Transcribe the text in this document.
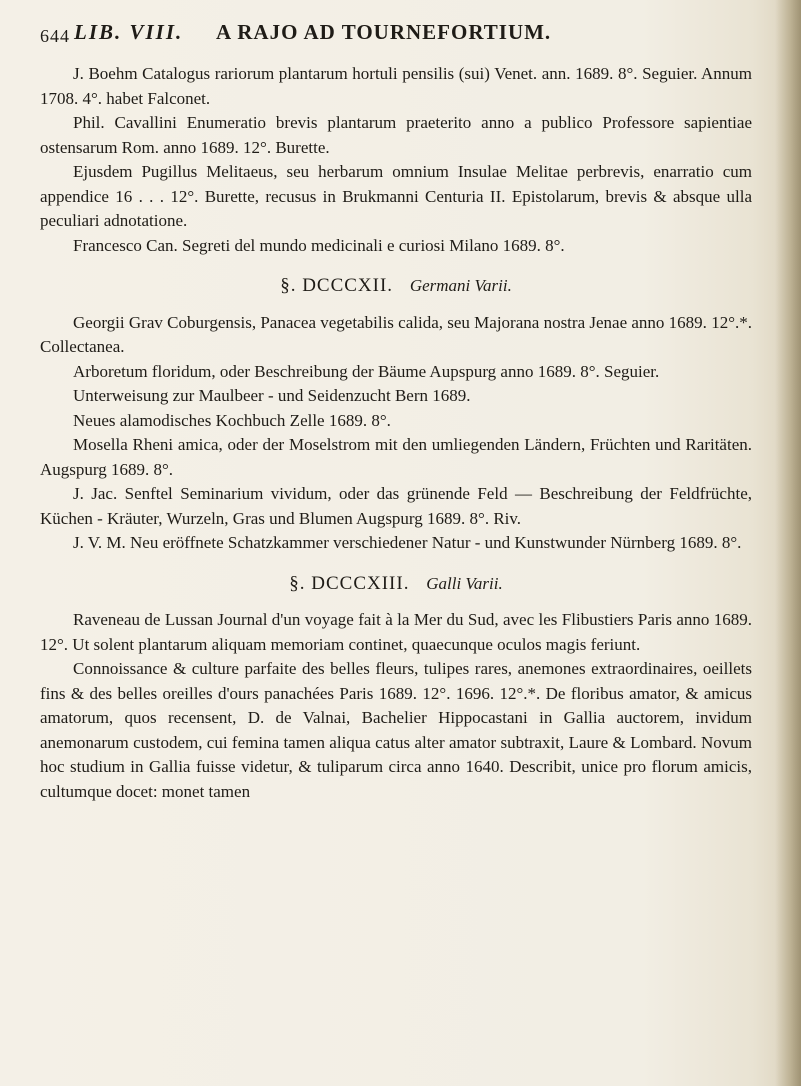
644 LIB. VIII. A RAJO AD TOURNEFORTIUM.

J. Boehm Catalogus rariorum plantarum hortuli pensilis (sui) Venet. ann. 1689. 8°. Seguier. Annum 1708. 4°. habet Falconet.

Phil. Cavallini Enumeratio brevis plantarum praeterito anno a publico Professore sapientiae ostensarum Rom. anno 1689. 12°. Burette.

Ejusdem Pugillus Melitaeus, seu herbarum omnium Insulae Melitae perbrevis, enarratio cum appendice 16 . . . 12°. Burette, recusus in Brukmanni Centuria II. Epistolarum, brevis & absque ulla peculiari adnotatione.

Francesco Can. Segreti del mundo medicinali e curiosi Milano 1689. 8°.

§. DCCCXII. Germani Varii.

Georgii Grav Coburgensis, Panacea vegetabilis calida, seu Majorana nostra Jenae anno 1689. 12°.*. Collectanea.

Arboretum floridum, oder Beschreibung der Bäume Aupspurg anno 1689. 8°. Seguier.

Unterweisung zur Maulbeer - und Seidenzucht Bern 1689.

Neues alamodisches Kochbuch Zelle 1689. 8°.

Mosella Rheni amica, oder der Moselstrom mit den umliegenden Ländern, Früchten und Raritäten. Augspurg 1689. 8°.

J. Jac. Senftel Seminarium vividum, oder das grünende Feld — Beschreibung der Feldfrüchte, Küchen - Kräuter, Wurzeln, Gras und Blumen Augspurg 1689. 8°. Riv.

J. V. M. Neu eröffnete Schatzkammer verschiedener Natur - und Kunstwunder Nürnberg 1689. 8°.

§. DCCCXIII. Galli Varii.

Raveneau de Lussan Journal d'un voyage fait à la Mer du Sud, avec les Flibustiers Paris anno 1689. 12°. Ut solent plantarum aliquam memoriam continet, quaecunque oculos magis feriunt.

Connoissance & culture parfaite des belles fleurs, tulipes rares, anemones extraordinaires, oeillets fins & des belles oreilles d'ours panachées Paris 1689. 12°. 1696. 12°.*. De floribus amator, & amicus amatorum, quos recensent, D. de Valnai, Bachelier Hippocastani in Gallia auctorem, invidum anemonarum custodem, cui femina tamen aliqua catus alter amator subtraxit, Laure & Lombard. Novum hoc studium in Gallia fuisse videtur, & tuliparum circa anno 1640. Describit, unice pro florum amicis, cultumque docet: monet tamen
